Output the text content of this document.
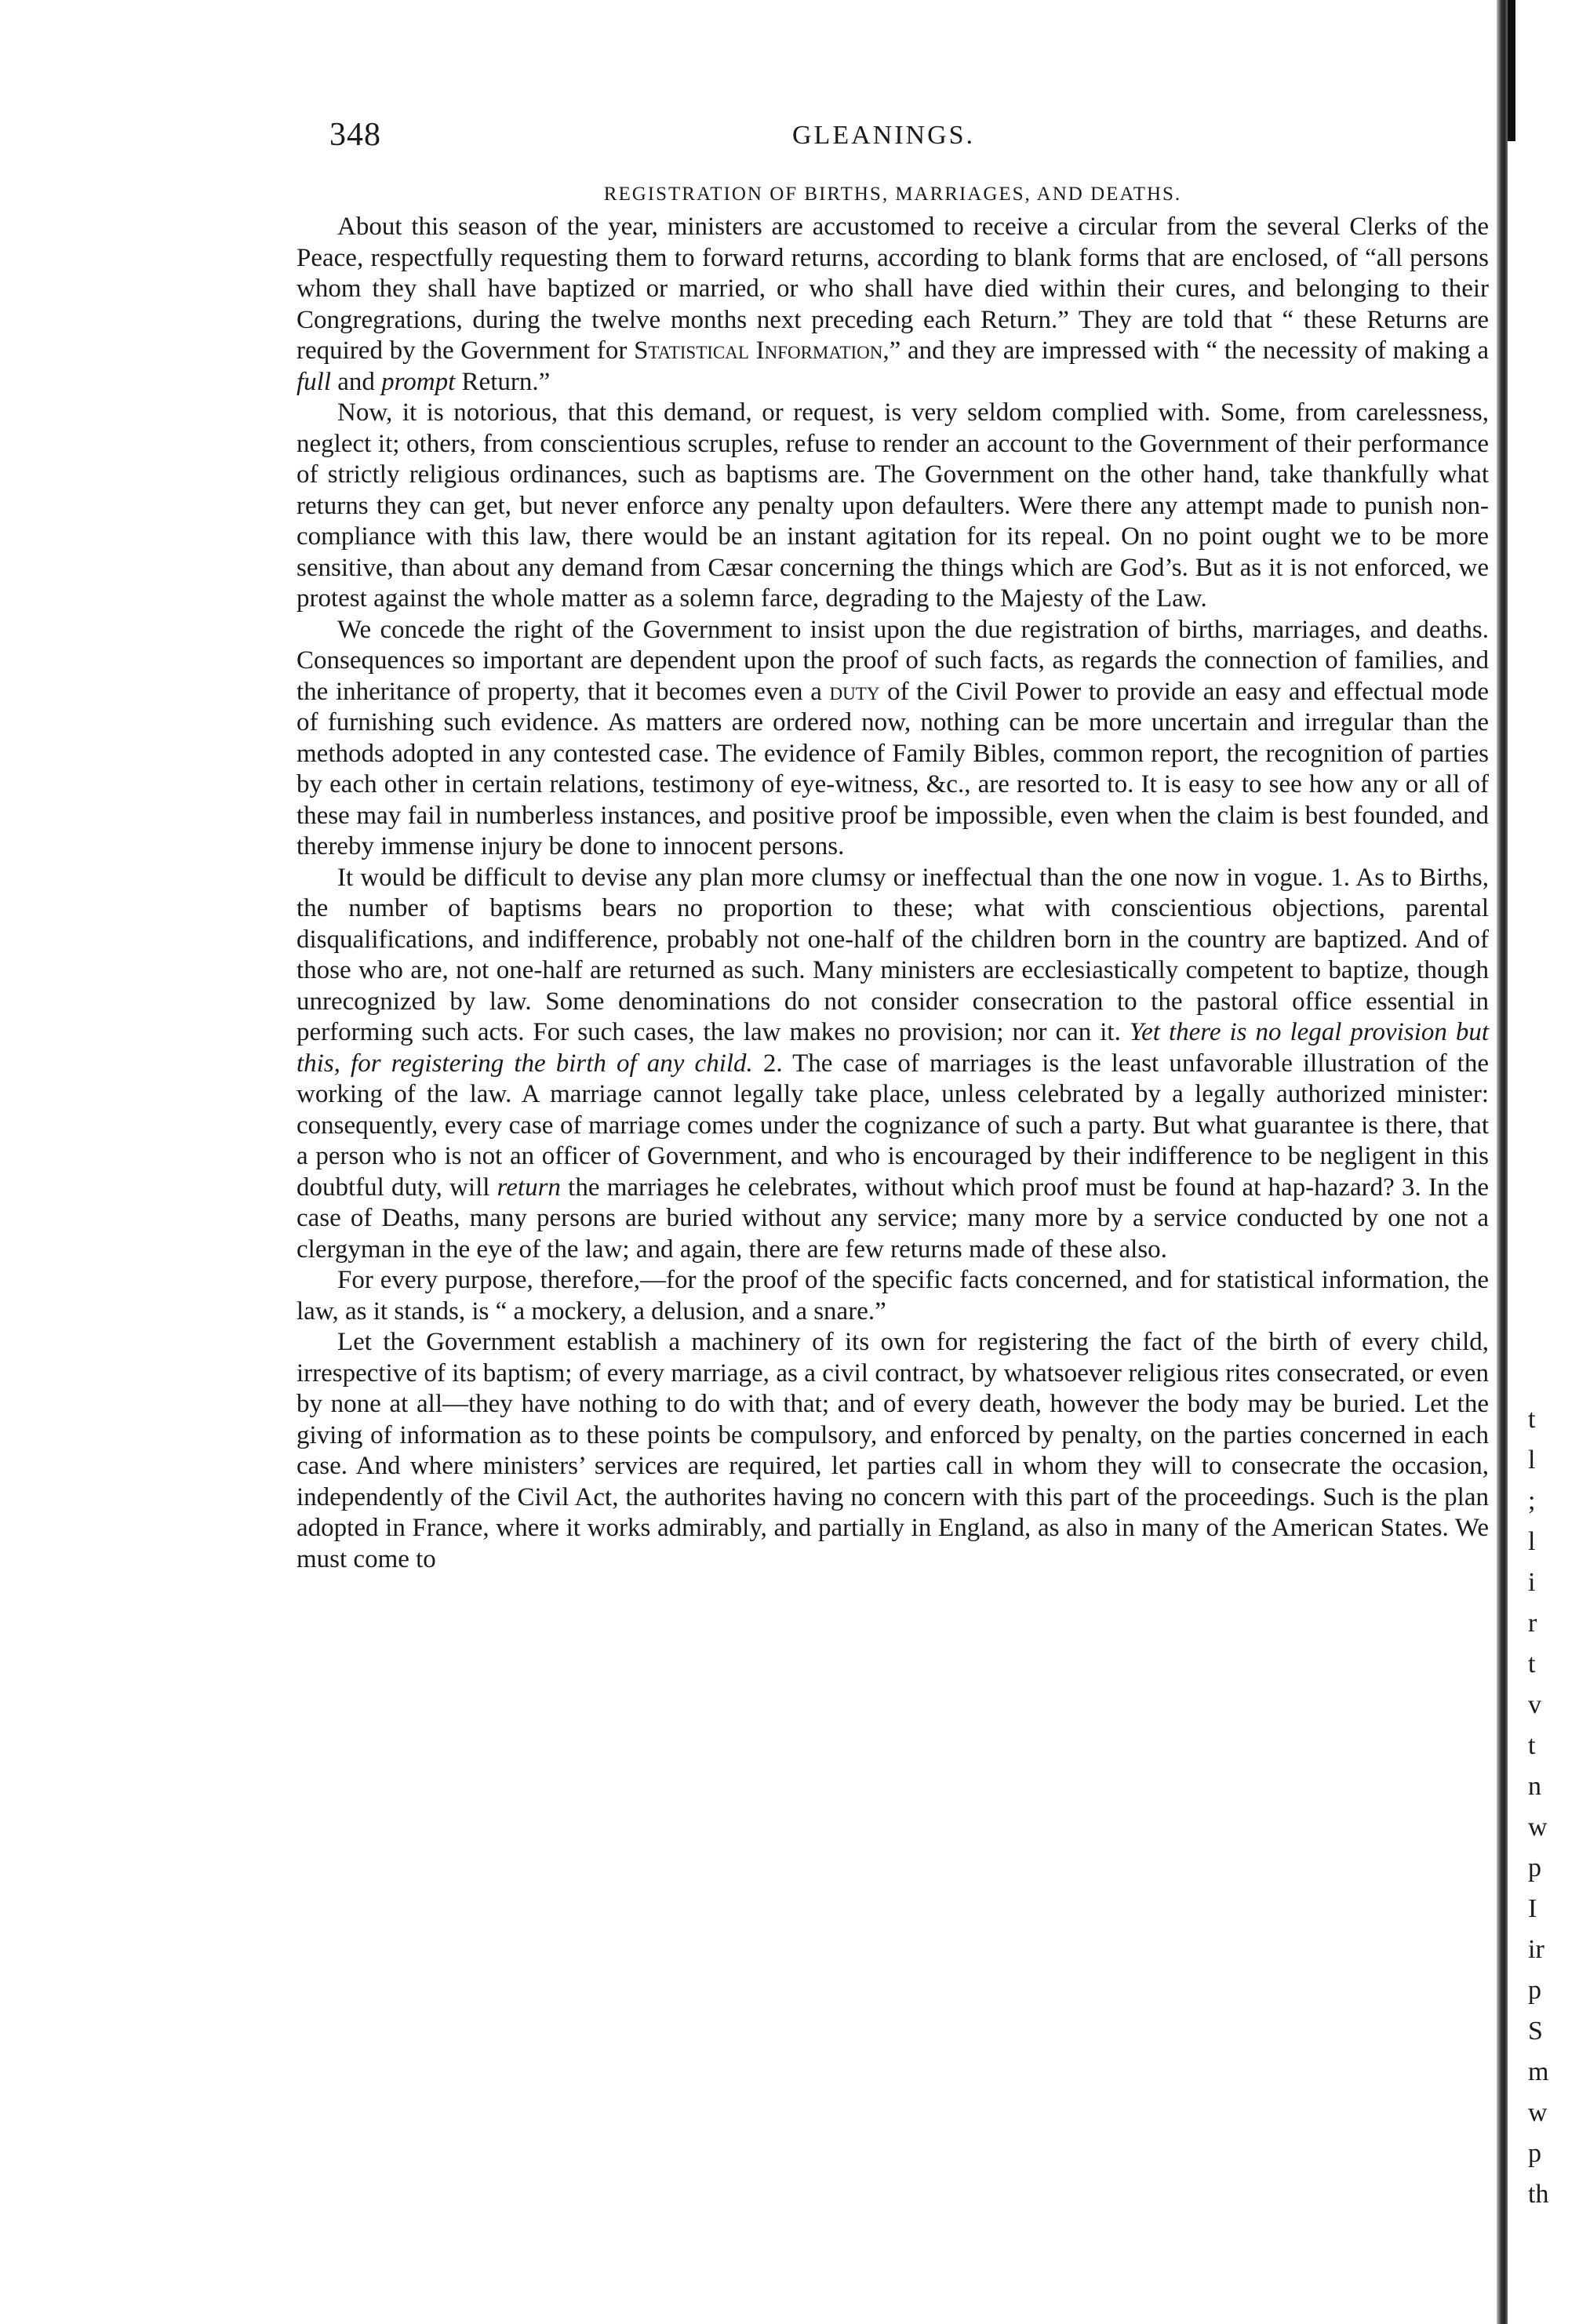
348	GLEANINGS.
REGISTRATION OF BIRTHS, MARRIAGES, AND DEATHS.

About this season of the year, ministers are accustomed to receive a circular from the several Clerks of the Peace, respectfully requesting them to forward returns, according to blank forms that are enclosed, of “all persons whom they shall have baptized or married, or who shall have died within their cures, and belonging to their Congregrations, during the twelve months next preceding each Return.” They are told that “ these Returns are required by the Government for Statistical Information,” and they are impressed with “ the necessity of making a full and prompt Return.”

Now, it is notorious, that this demand, or request, is very seldom complied with. Some, from carelessness, neglect it; others, from conscientious scruples, refuse to render an account to the Government of their performance of strictly religious ordinances, such as baptisms are. The Government on the other hand, take thankfully what returns they can get, but never enforce any penalty upon defaulters. Were there any attempt made to punish non-compliance with this law, there would be an instant agitation for its repeal. On no point ought we to be more sensitive, than about any demand from Cæsar concerning the things which are God’s. But as it is not enforced, we protest against the whole matter as a solemn farce, degrading to the Majesty of the Law.

We concede the right of the Government to insist upon the due registration of births, marriages, and deaths. Consequences so important are dependent upon the proof of such facts, as regards the connection of families, and the inheritance of property, that it becomes even a duty of the Civil Power to provide an easy and effectual mode of furnishing such evidence. As matters are ordered now, nothing can be more uncertain and irregular than the methods adopted in any contested case. The evidence of Family Bibles, common report, the recognition of parties by each other in certain relations, testimony of eye-witness, &c., are resorted to. It is easy to see how any or all of these may fail in numberless instances, and positive proof be impossible, even when the claim is best founded, and thereby immense injury be done to innocent persons.

It would be difficult to devise any plan more clumsy or ineffectual than the one now in vogue. 1. As to Births, the number of baptisms bears no proportion to these; what with conscientious objections, parental disqualifications, and indifference, probably not one-half of the children born in the country are baptized. And of those who are, not one-half are returned as such. Many ministers are ecclesiastically competent to baptize, though unrecognized by law. Some denominations do not consider consecration to the pastoral office essential in performing such acts. For such cases, the law makes no provision; nor can it. Yet there is no legal provision but this, for registering the birth of any child. 2. The case of marriages is the least unfavorable illustration of the working of the law. A marriage cannot legally take place, unless celebrated by a legally authorized minister: consequently, every case of marriage comes under the cognizance of such a party. But what guarantee is there, that a person who is not an officer of Government, and who is encouraged by their indifference to be negligent in this doubtful duty, will return the marriages he celebrates, without which proof must be found at hap-hazard? 3. In the case of Deaths, many persons are buried without any service; many more by a service conducted by one not a clergyman in the eye of the law; and again, there are few returns made of these also.

For every purpose, therefore,—for the proof of the specific facts concerned, and for statistical information, the law, as it stands, is “ a mockery, a delusion, and a snare.”

Let the Government establish a machinery of its own for registering the fact of the birth of every child, irrespective of its baptism; of every marriage, as a civil contract, by whatsoever religious rites consecrated, or even by none at all—they have nothing to do with that; and of every death, however the body may be buried. Let the giving of information as to these points be compulsory, and enforced by penalty, on the parties concerned in each case. And where ministers’ services are required, let parties call in whom they will to consecrate the occasion, independently of the Civil Act, the authorites having no concern with this part of the proceedings. Such is the plan adopted in France, where it works admirably, and partially in England, as also in many of the American States. We must come to

t
l
;
l
i
r
t
v
t
n
w
p
I
ir
p
S
m
w
p
th
